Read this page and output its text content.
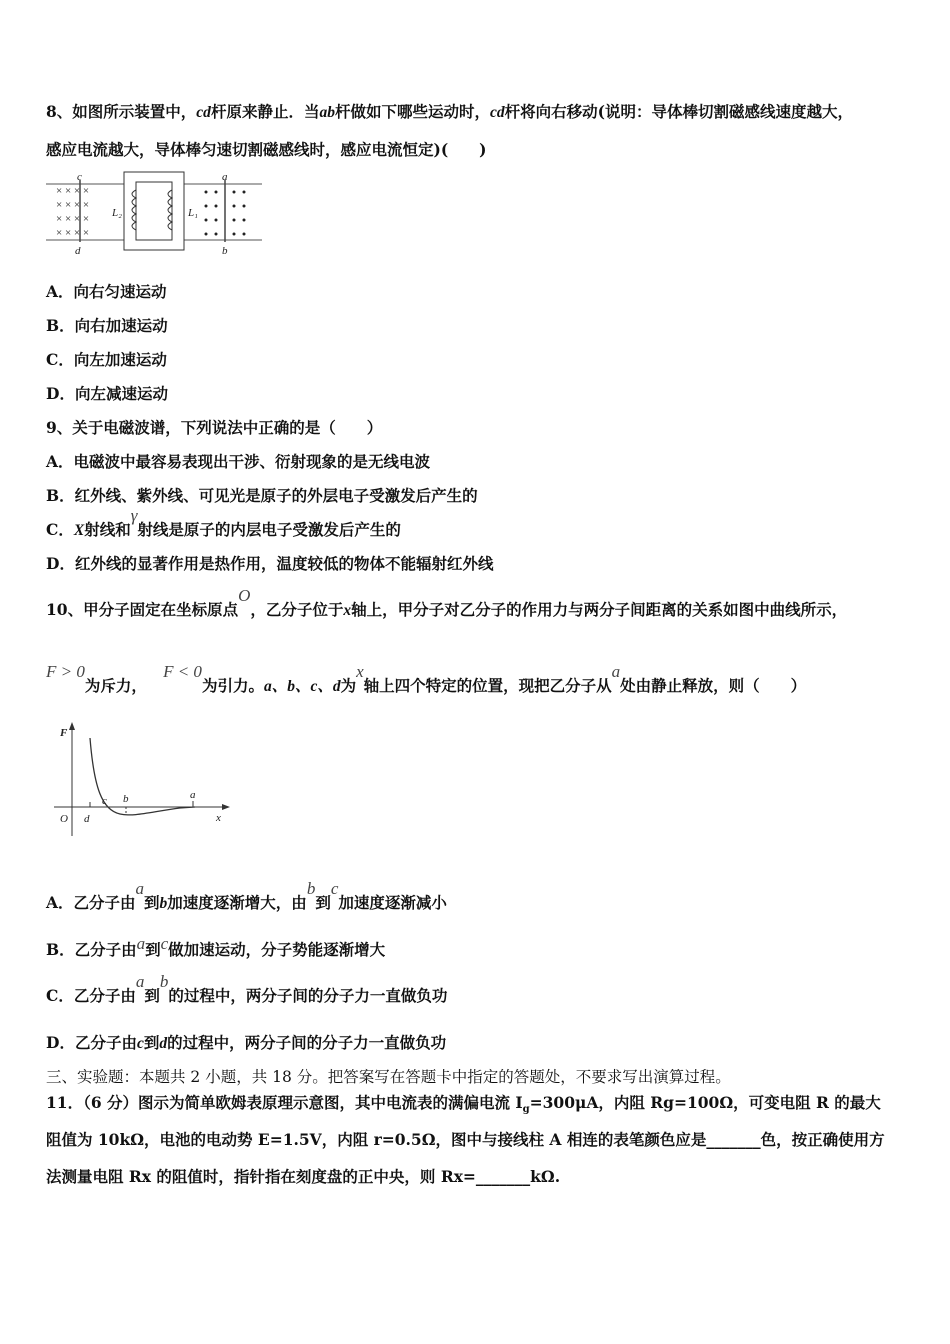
8、如图所示装置中，cd杆原来静止．当ab杆做如下哪些运动时，cd杆将向右移动(说明：导体棒切割磁感线速度越大，
感应电流越大，导体棒匀速切割磁感线时，感应电流恒定)(　　)
× × × ×
× × × ×
× × × ×
× × × ×
c
d
a
b
L₂	L₁
A．向右匀速运动
B．向右加速运动
C．向左加速运动
D．向左减速运动
9、关于电磁波谱，下列说法中正确的是（　　）
A．电磁波中最容易表现出干涉、衍射现象的是无线电波
B．红外线、紫外线、可见光是原子的外层电子受激发后产生的
C．X射线和γ射线是原子的内层电子受激发后产生的
D．红外线的显著作用是热作用，温度较低的物体不能辐射红外线
10、甲分子固定在坐标原点O，乙分子位于x轴上，甲分子对乙分子的作用力与两分子间距离的关系如图中曲线所示，
F > 0为斥力，   F < 0为引力。a、b、c、d为x轴上四个特定的位置，现把乙分子从a处由静止释放，则（　　）
F
O d
c b	a
x
A．乙分子由a到b加速度逐渐增大，由b到c加速度逐渐减小
B．乙分子由a到c做加速运动，分子势能逐渐增大
C．乙分子由a到b的过程中，两分子间的分子力一直做负功
D．乙分子由c到d的过程中，两分子间的分子力一直做负功
三、实验题：本题共 2 小题，共 18 分。把答案写在答题卡中指定的答题处，不要求写出演算过程。
11．（6 分）图示为简单欧姆表原理示意图，其中电流表的满偏电流 $I_g=300\mu A$，内阻 Rg=100Ω，可变电阻 R 的最大
阻值为 10kΩ，电池的电动势 E=1.5V，内阻 r=0.5Ω，图中与接线柱 A 相连的表笔颜色应是_______色，按正确使用方
法测量电阻 Rx 的阻值时，指针指在刻度盘的正中央，则 Rx=_______kΩ.
